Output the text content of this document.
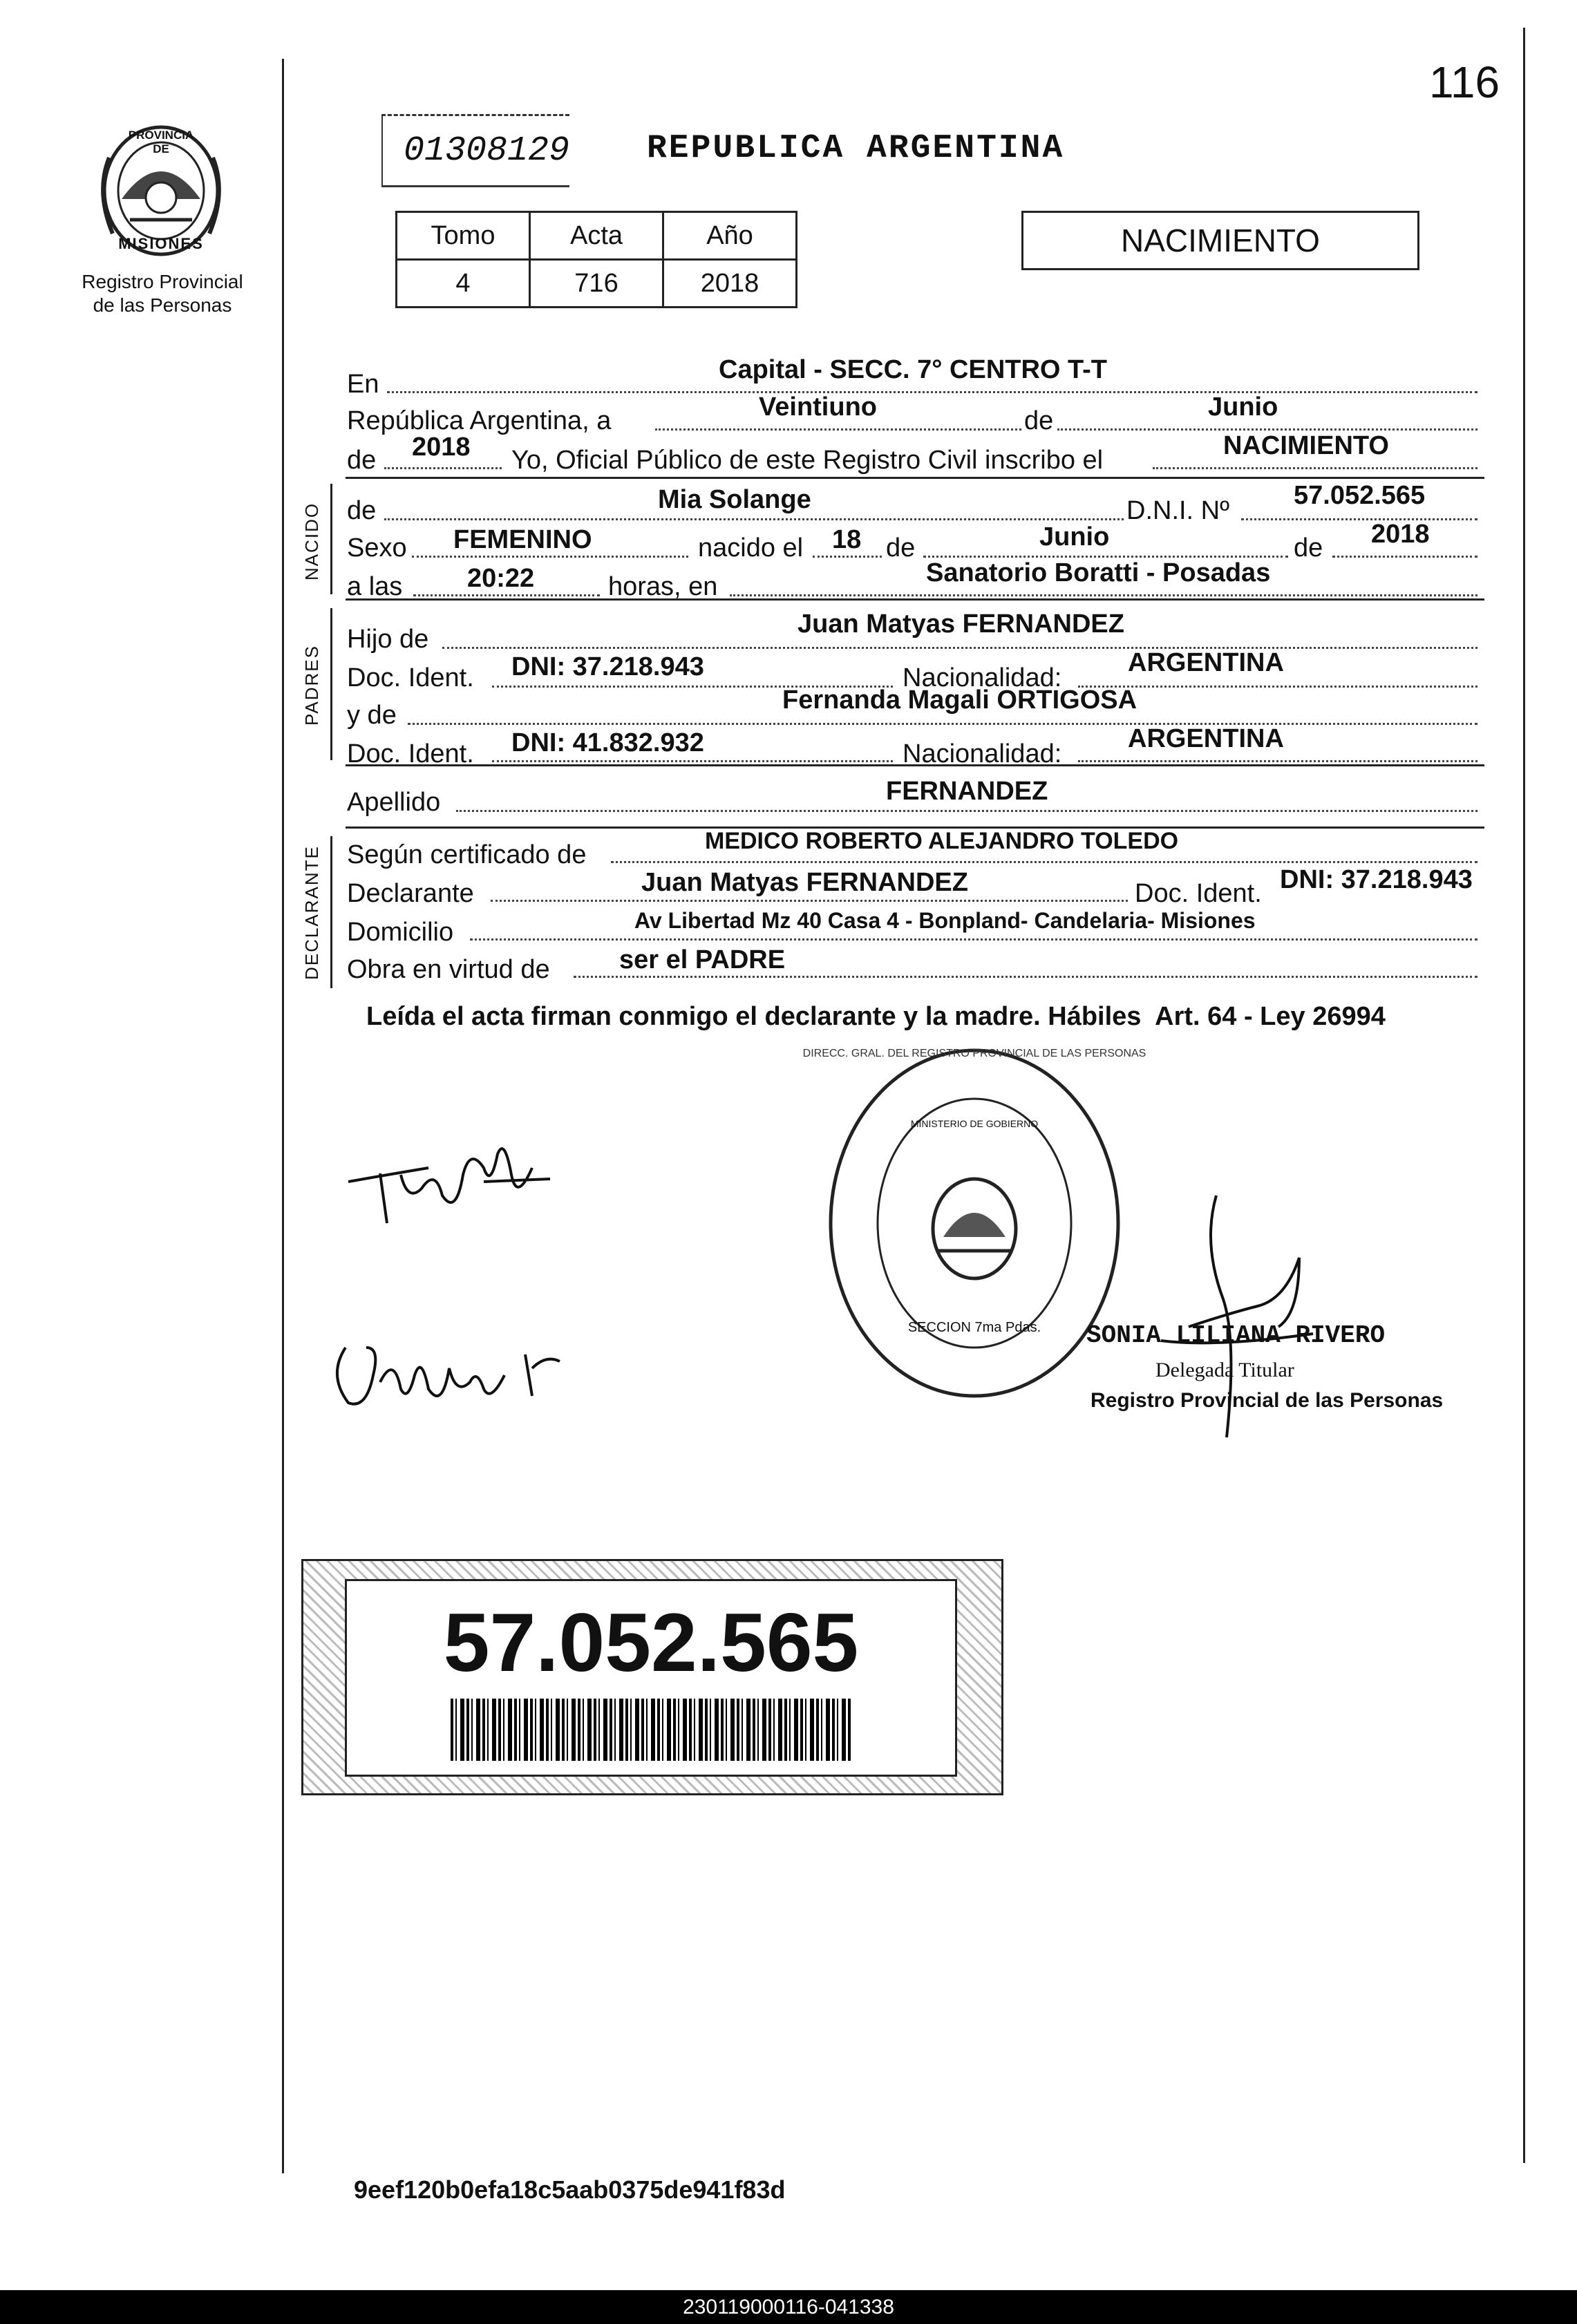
116
PROVINCIA DE
MISIONES
Registro Provincial
de las Personas
01308129 REPUBLICA ARGENTINA
Tomo	Acta	Año
4	716	2018
NACIMIENTO
En	Capital - SECC. 7° CENTRO T-T
República Argentina, a	Veintiuno	de	Junio
de 2018 Yo, Oficial Público de este Registro Civil inscribo el	NACIMIENTO
NACIDO de	Mia Solange	D.N.I. Nº
57.052.565
Sexo FEMENINO	nacido el 18 de	Junio	de 2018
a las 20:22	horas, en	Sanatorio Boratti - Posadas
PADRES
Hijo de
Juan Matyas FERNANDEZ
Doc. Ident. DNI: 37.218.943	Nacionalidad:
ARGENTINA
y de
Fernanda Magali ORTIGOSA
Doc. Ident. DNI: 41.832.932	Nacionalidad:
ARGENTINA
Apellido	FERNANDEZ
DECLARANTE Según certificado de	MEDICO ROBERTO ALEJANDRO TOLEDO
Declarante	Juan Matyas FERNANDEZ	Doc. Ident. DNI: 37.218.943
Domicilio	Av Libertad Mz 40 Casa 4 - Bonpland- Candelaria- Misiones
Obra en virtud de	ser el PADRE
Leída el acta firman conmigo el declarante y la madre. Hábiles  Art. 64 - Ley 26994
DIRECC. GRAL. DEL REGISTRO PROVINCIAL DE LAS PERSONAS
MINISTERIO DE GOBIERNO
SECCION 7ma Pdas.	SONIA LILIANA RIVERO
Delegada Titular
Registro Provincial de las Personas
57.052.565
9eef120b0efa18c5aab0375de941f83d
230119000116-041338
